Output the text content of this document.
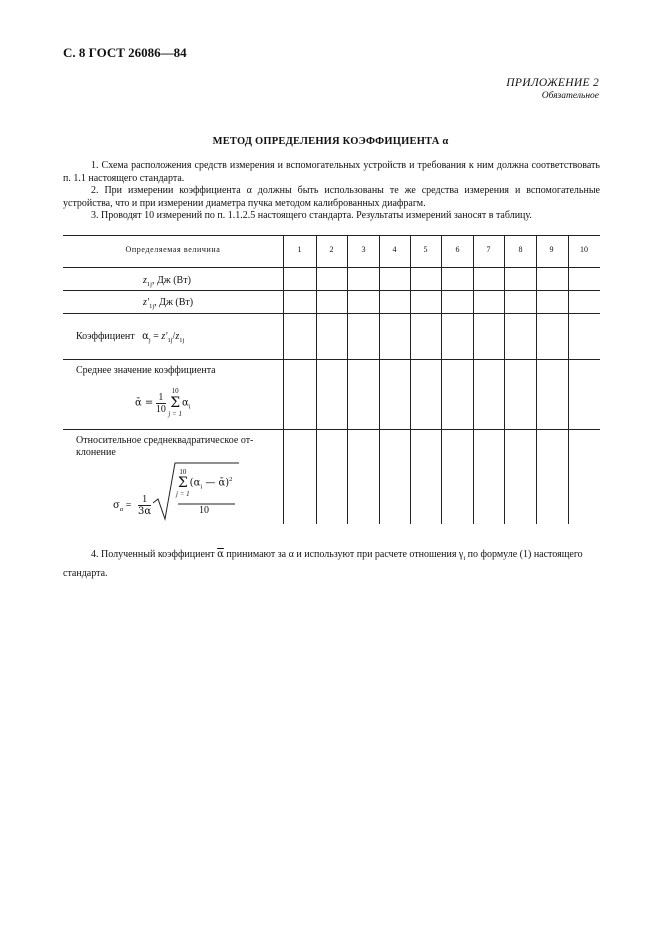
С. 8 ГОСТ 26086—84
ПРИЛОЖЕНИЕ 2
Обязательное
МЕТОД ОПРЕДЕЛЕНИЯ КОЭФФИЦИЕНТА α
1. Схема расположения средств измерения и вспомогательных устройств и требования к ним должна соответствовать п. 1.1 настоящего стандарта.
2. При измерении коэффициента α должны быть использованы те же средства измерения и вспомогательные устройства, что и при измерении диаметра пучка методом калиброванных диафрагм.
3. Проводят 10 измерений по п. 1.1.2.5 настоящего стандарта. Результаты измерений заносят в таблицу.
Определяемая величина	1	2	3	4	5	6	7	8	9	10
$z_{1j}$, Дж (Вт)
$z'_{1j}$, Дж (Вт)
Коэффициент $\alpha_j = z'_{1j}/z_{1j}$
Среднее значение коэффициента
ᾱ = $\frac{1}{10}$

10
Σ
j = 1
$\alpha_i$
Относительное среднеквадратическое от-
клонение
$\sigma_\alpha = \frac{1}{3\alpha}$
10
Σ
j = 1
($\alpha_i$ — ᾱ)$^2$
10
4. Полученный коэффициент $\overline{\alpha}$ принимают за α и используют при расчете отношения $\gamma_i$ по формуле (1) настоящего стандарта.
